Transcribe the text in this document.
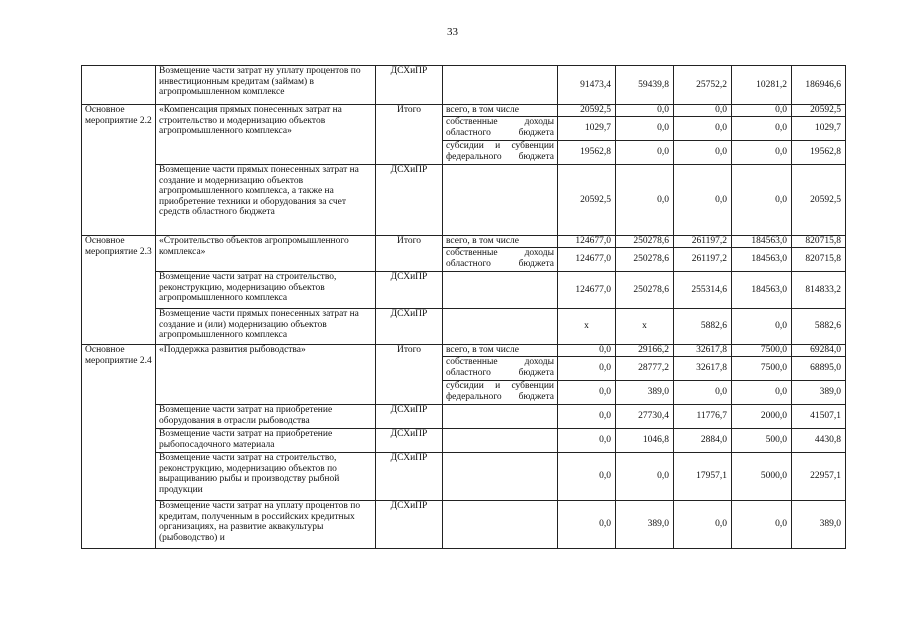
33
	Возмещение части затрат ну уплату процентов по инвестиционным кредитам (займам) в агропромышленном комплексе	ДСХиПР		91473,4	59439,8	25752,2	10281,2	186946,6
Основное мероприятие 2.2	«Компенсация прямых понесенных затрат на строительство и модернизацию объектов агропромышленного комплекса»	Итого	всего, в том числе	20592,5	0,0	0,0	0,0	20592,5
			собственные доходы областного бюджета	1029,7	0,0	0,0	0,0	1029,7
			субсидии и субвенции федерального бюджета	19562,8	0,0	0,0	0,0	19562,8
	Возмещение части прямых понесенных затрат на создание и модернизацию объектов агропромышленного комплекса, а также на приобретение техники и оборудования за счет средств областного бюджета	ДСХиПР		20592,5	0,0	0,0	0,0	20592,5
Основное мероприятие 2.3	«Строительство объектов агропромышленного комплекса»	Итого	всего, в том числе	124677,0	250278,6	261197,2	184563,0	820715,8
			собственные доходы областного бюджета	124677,0	250278,6	261197,2	184563,0	820715,8
	Возмещение части затрат на строительство, реконструкцию, модернизацию объектов агропромышленного комплекса	ДСХиПР		124677,0	250278,6	255314,6	184563,0	814833,2
	Возмещение части прямых понесенных затрат на создание и (или) модернизацию объектов агропромышленного комплекса	ДСХиПР		x	x	5882,6	0,0	5882,6
Основное мероприятие 2.4	«Поддержка развития рыбоводства»	Итого	всего, в том числе	0,0	29166,2	32617,8	7500,0	69284,0
			собственные доходы областного бюджета	0,0	28777,2	32617,8	7500,0	68895,0
			субсидии и субвенции федерального бюджета	0,0	389,0	0,0	0,0	389,0
	Возмещение части затрат на приобретение оборудования в отрасли рыбоводства	ДСХиПР		0,0	27730,4	11776,7	2000,0	41507,1
	Возмещение части затрат на приобретение рыбопосадочного материала	ДСХиПР		0,0	1046,8	2884,0	500,0	4430,8
	Возмещение части затрат на строительство, реконструкцию, модернизацию объектов по выращиванию рыбы и производству рыбной продукции	ДСХиПР		0,0	0,0	17957,1	5000,0	22957,1
	Возмещение части затрат на уплату процентов по кредитам, полученным в российских кредитных организациях, на развитие аквакультуры (рыбоводство) и	ДСХиПР		0,0	389,0	0,0	0,0	389,0
